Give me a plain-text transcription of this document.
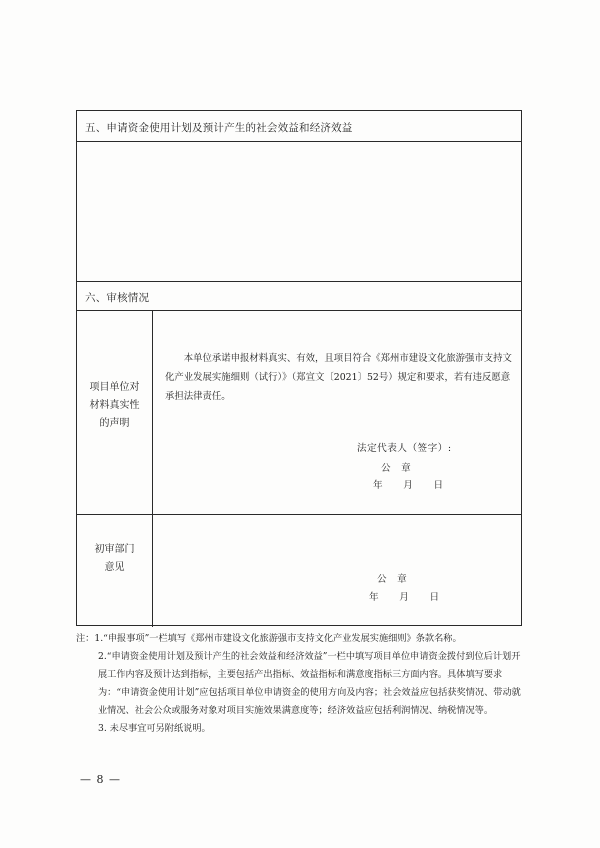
五、申请资金使用计划及预计产生的社会效益和经济效益
六、审核情况
项目单位对
材料真实性
的声明

本单位承诺申报材料真实、有效，且项目符合《郑州市建设文化旅游强市支持文化产业发展实施细则（试行）》（郑宣文〔2021〕52号）规定和要求，若有违反愿意承担法律责任。

法定代表人（签字）:
公　章
年　　月　　日
初审部门
意见
公　章
年　　月　　日

注：1.“申报事项”一栏填写《郑州市建设文化旅游强市支持文化产业发展实施细则》条款名称。

2.“申请资金使用计划及预计产生的社会效益和经济效益”一栏中填写项目单位申请资金拨付到位后计划开展工作内容及预计达到指标，主要包括产出指标、效益指标和满意度指标三方面内容。具体填写要求为：“申请资金使用计划”应包括项目单位申请资金的使用方向及内容；社会效益应包括获奖情况、带动就业情况、社会公众或服务对象对项目实施效果满意度等；经济效益应包括利润情况、纳税情况等。

3. 未尽事宜可另附纸说明。

— 8 —
